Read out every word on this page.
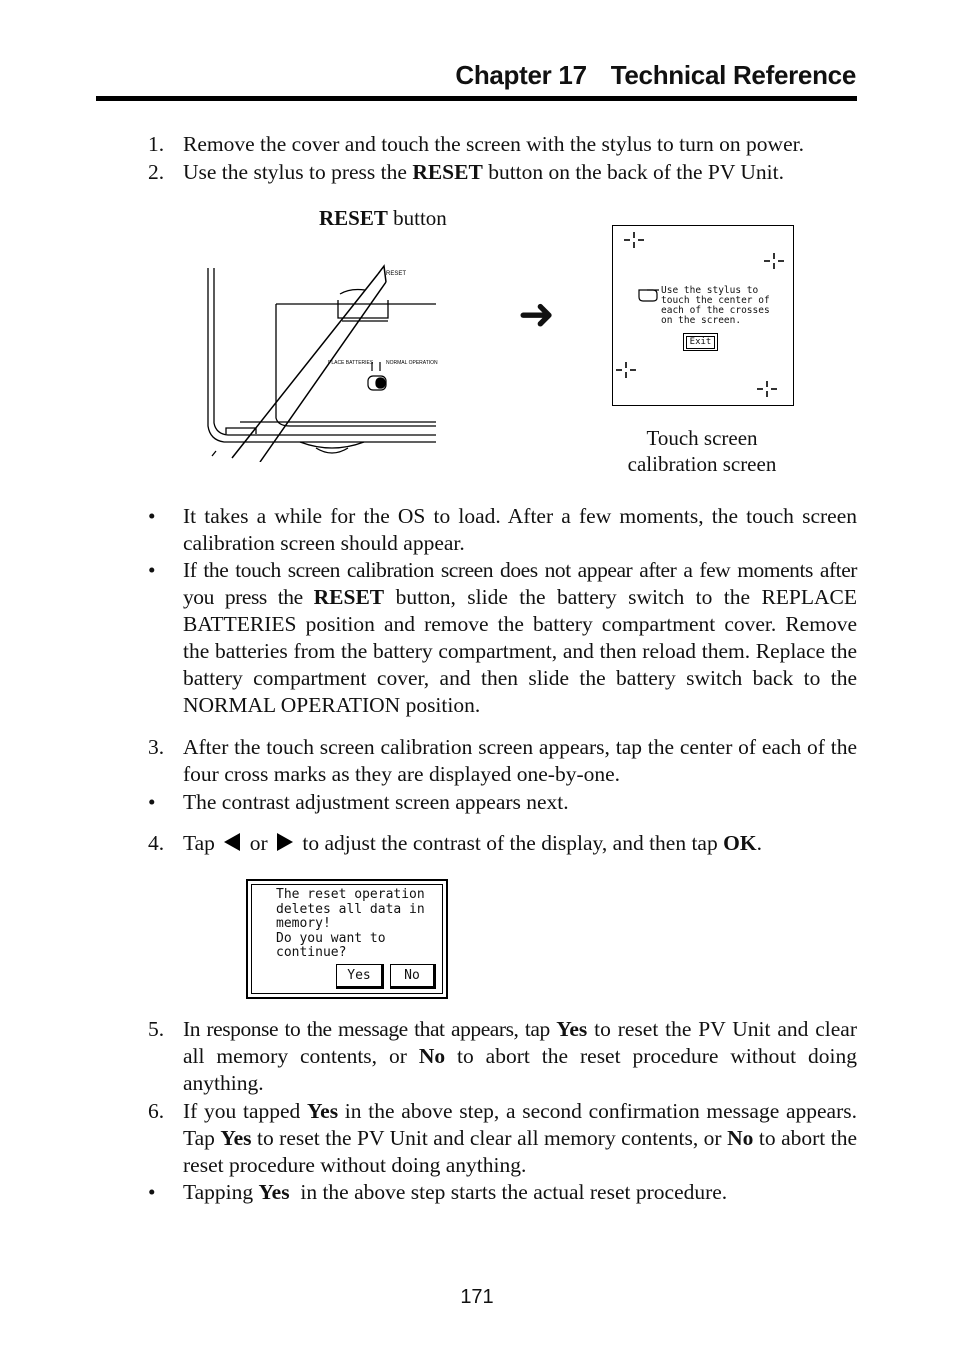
Chapter 17 Technical Reference
1. Remove the cover and touch the screen with the stylus to turn on power.
2. Use the stylus to press the RESET button on the back of the PV Unit.
RESET button
RESET
PLACE BATTERIES	NORMAL OPERATION
➜	Use the stylus to
touch the center of
each of the crosses
on the screen.
Exit
Touch screen
calibration screen
• It takes a while for the OS to load. After a few moments, the touch screen calibration screen should appear.
• If the touch screen calibration screen does not appear after a few moments after you press the RESET button, slide the battery switch to the REPLACE BATTERIES position and remove the battery compartment cover. Remove the batteries from the battery compartment, and then reload them. Replace the battery compartment cover, and then slide the battery switch back to the NORMAL OPERATION position.
3. After the touch screen calibration screen appears, tap the center of each of the four cross marks as they are displayed one-by-one.
• The contrast adjustment screen appears next.
4. Tap or to adjust the contrast of the display, and then tap OK.
The reset operation
deletes all data in
memory!
Do you want to
continue?
Yes	No
5. In response to the message that appears, tap Yes to reset the PV Unit and clear all memory contents, or No to abort the reset procedure without doing anything.
6. If you tapped Yes in the above step, a second confirmation message appears. Tap Yes to reset the PV Unit and clear all memory contents, or No to abort the reset procedure without doing anything.
• Tapping Yes  in the above step starts the actual reset procedure.
171
